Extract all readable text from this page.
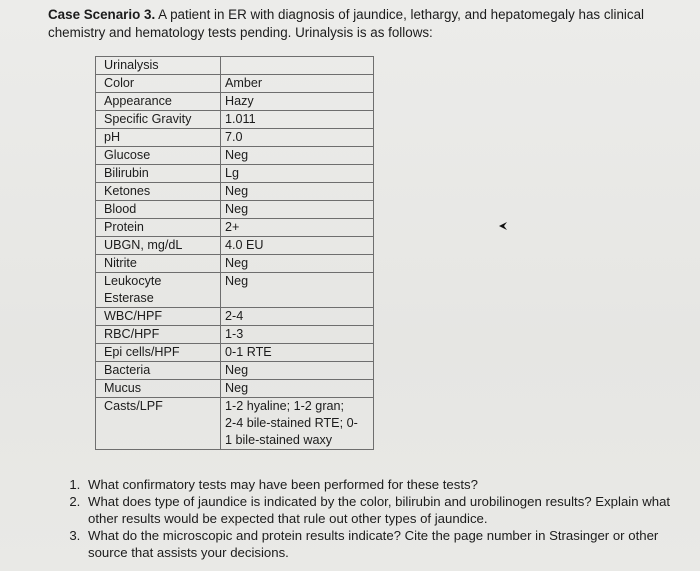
Case Scenario 3. A patient in ER with diagnosis of jaundice, lethargy, and hepatomegaly has clinical chemistry and hematology tests pending. Urinalysis is as follows:
Urinalysis	
Color	Amber
Appearance	Hazy
Specific Gravity	1.011
pH	7.0
Glucose	Neg
Bilirubin	Lg
Ketones	Neg
Blood	Neg
Protein	2+
UBGN, mg/dL	4.0 EU
Nitrite	Neg
Leukocyte
Esterase	Neg
WBC/HPF	2-4
RBC/HPF	1-3
Epi cells/HPF	0-1 RTE
Bacteria	Neg
Mucus	Neg
Casts/LPF	1-2 hyaline; 1-2 gran;
2-4 bile-stained RTE; 0-
1 bile-stained waxy
1. What confirmatory tests may have been performed for these tests?
2. What does type of jaundice is indicated by the color, bilirubin and urobilinogen results? Explain what other results would be expected that rule out other types of jaundice.
3. What do the microscopic and protein results indicate? Cite the page number in Strasinger or other source that assists your decisions.
